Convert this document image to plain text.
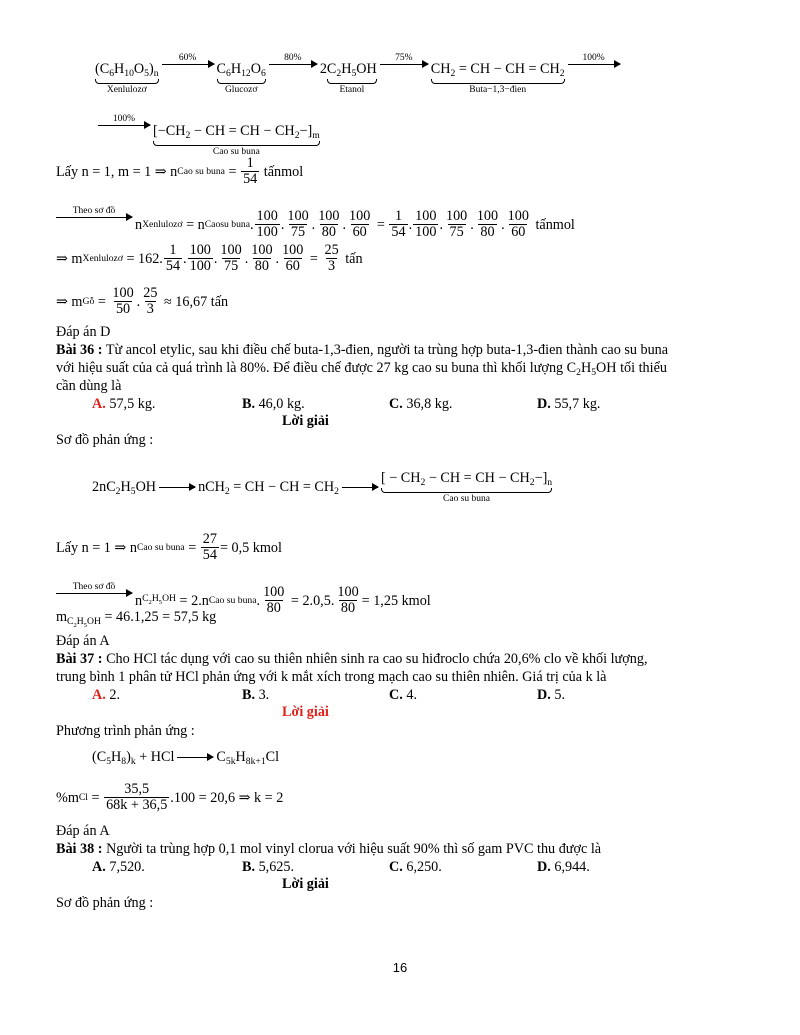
$(C_6H_{10}O_5)_n$
Xenlulozơ
60%
$C_6H_{12}O_6$
Glucozơ
80%
2 $C_2H_5OH$
Etanol
75%
$CH_2$ = CH − CH = $CH_2$
Buta−1,3−đien
100%
100%
[$-CH_2$ − CH = CH − $CH_2-]_m$
Cao su buna
Lấy n = 1, m = 1 ⇒ n Cao su buna = $\frac{1}{54}$
tấnmol
Theo sơ đồ
n Xenlulozơ
= n Caosu buna . $\frac{100}{100}$ . $\frac{100}{75}$ . $\frac{100}{80}$ . $\frac{100}{60} = \frac{1}{54}$ . $\frac{100}{100}$ . $\frac{100}{75}$ . $\frac{100}{80}$ . $\frac{100}{60}$
tấnmol
⇒ m Xenlulozơ
= 162. $\frac{1}{54}$ . $\frac{100}{100}$ . $\frac{100}{75}$ . $\frac{100}{80}$ . $\frac{100}{60} = \frac{25}{3}$
tấn
⇒ m Gỗ = $\frac{100}{50}$ . $\frac{25}{3}$
≈ 16,67 tấn
Đáp án D
Bài 36 : Từ ancol etylic, sau khi điều chế buta-1,3-đien, người ta trùng hợp buta-1,3-đien thành cao su buna
với hiệu suất của cả quá trình là 80%. Để điều chế được 27 kg cao su buna thì khối lượng $C_2H_5OH$ tối thiểu
cần dùng là
A. 57,5 kg.	B. 46,0 kg.	C. 36,8 kg.	D. 55,7 kg.
Lời giải
Sơ đồ phản ứng :
$2nC_2H_5OH$	nCH$_2$ = CH − CH = $CH_2$
[ − $CH_2$ − CH = CH − $CH_2-]_n$
Cao su buna
Lấy n = 1 ⇒ n Cao su buna = $\frac{27}{54} = 0,5$ kmol
Theo sơ đồ
n $C_2H_5OH$
= 2.n Cao su buna . $\frac{100}{80}$
= 2.0,5. $\frac{100}{80} = 1,25$ kmol
$m_{C_2H_5OH} = 46.1,25 = 57,5$ kg
Đáp án A
Bài 37 : Cho HCl tác dụng với cao su thiên nhiên sinh ra cao su hiđroclo chứa 20,6% clo về khối lượng,
trung bình 1 phân tử HCl phản ứng với k mắt xích trong mạch cao su thiên nhiên. Giá trị của k là
A. 2.	B. 3.	C. 4.	D. 5.
Lời giải
Phương trình phản ứng :
$(C_5H_8)_k$ + HCl	$C_{5k}H_{8k+1}Cl$
%m $Cl = \frac{35,5}{68k + 36,5} .100 = 20,6$ ⇒ k = 2
Đáp án A
Bài 38 : Người ta trùng hợp 0,1 mol vinyl clorua với hiệu suất 90% thì số gam PVC thu được là
A. 7,520.	B. 5,625.	C. 6,250.	D. 6,944.
Lời giải
Sơ đồ phản ứng :
16
